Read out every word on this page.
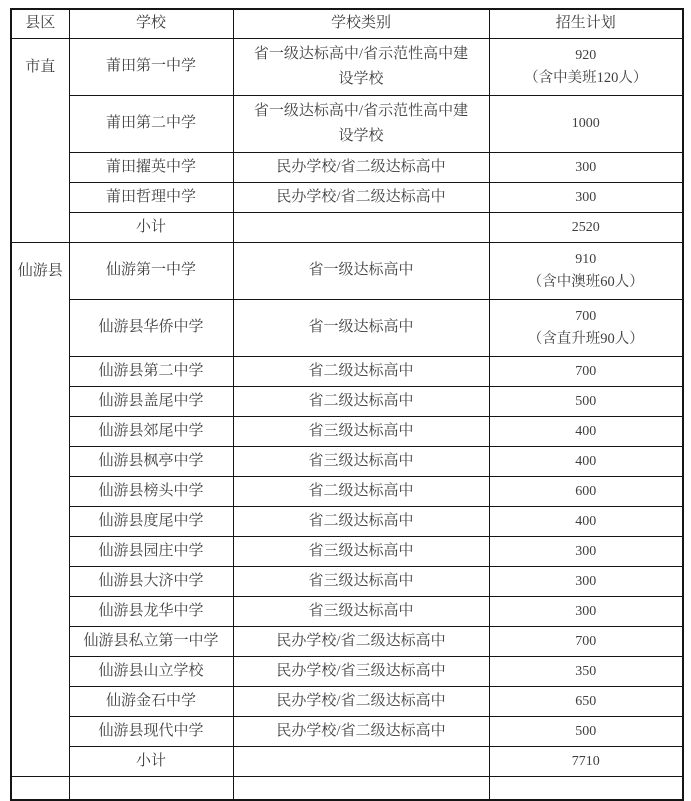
县区	学校	学校类别	招生计划

市直	莆田第一中学	省一级达标高中/省示范性高中建设学校	920
（含中美班120人）

	莆田第二中学	省一级达标高中/省示范性高中建设学校	1000

	莆田擢英中学	民办学校/省二级达标高中	300

	莆田哲理中学	民办学校/省二级达标高中	300

	小计		2520

仙游县	仙游第一中学	省一级达标高中	910
（含中澳班60人）

	仙游县华侨中学	省一级达标高中	700
（含直升班90人）

	仙游县第二中学	省二级达标高中	700

	仙游县盖尾中学	省二级达标高中	500

	仙游县郊尾中学	省三级达标高中	400

	仙游县枫亭中学	省三级达标高中	400

	仙游县榜头中学	省二级达标高中	600

	仙游县度尾中学	省二级达标高中	400

	仙游县园庄中学	省三级达标高中	300

	仙游县大济中学	省三级达标高中	300

	仙游县龙华中学	省三级达标高中	300

	仙游县私立第一中学	民办学校/省二级达标高中	700

	仙游县山立学校	民办学校/省三级达标高中	350

	仙游金石中学	民办学校/省二级达标高中	650

	仙游县现代中学	民办学校/省二级达标高中	500

	小计		7710
